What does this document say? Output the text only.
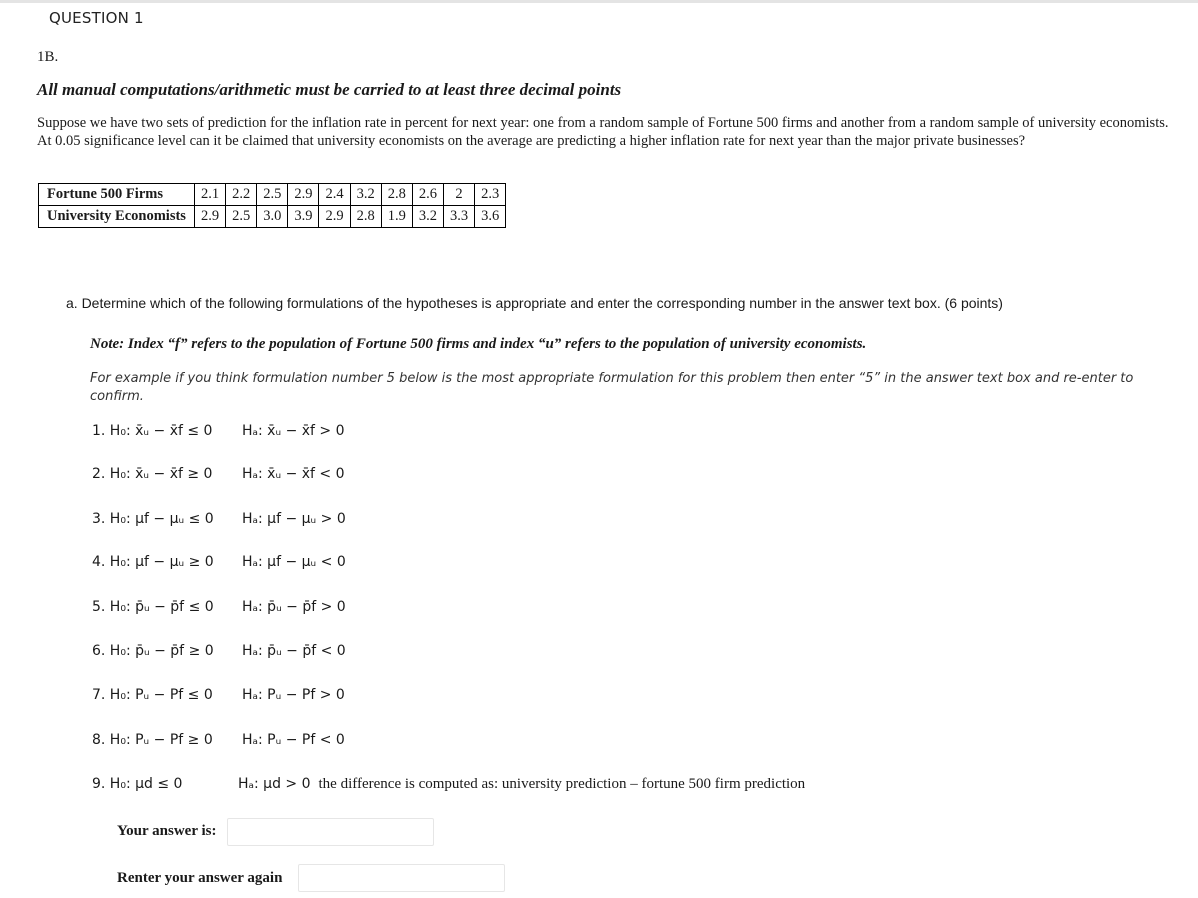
QUESTION 1
1B.
All manual computations/arithmetic must be carried to at least three decimal points
Suppose we have two sets of prediction for the inflation rate in percent for next year: one from a random sample of Fortune 500 firms and another from a random sample of university economists. At 0.05 significance level can it be claimed that university economists on the average are predicting a higher inflation rate for next year than the major private businesses?
Fortune 500 Firms	2.1	2.2	2.5	2.9	2.4	3.2	2.8	2.6	2	2.3
University Economists	2.9	2.5	3.0	3.9	2.9	2.8	1.9	3.2	3.3	3.6
a. Determine which of the following formulations of the hypotheses is appropriate and enter the corresponding number in the answer text box. (6 points)
Note: Index “f” refers to the population of Fortune 500 firms and index “u” refers to the population of university economists.
For example if you think formulation number 5 below is the most appropriate formulation for this problem then enter “5” in the answer text box and re-enter to confirm.
1. H₀: x̄ᵤ − x̄f ≤ 0 Hₐ: x̄ᵤ − x̄f > 0
2. H₀: x̄ᵤ − x̄f ≥ 0 Hₐ: x̄ᵤ − x̄f < 0
3. H₀: μf − μᵤ ≤ 0 Hₐ: μf − μᵤ > 0
4. H₀: μf − μᵤ ≥ 0 Hₐ: μf − μᵤ < 0
5. H₀: p̄ᵤ − p̄f ≤ 0 Hₐ: p̄ᵤ − p̄f > 0
6. H₀: p̄ᵤ − p̄f ≥ 0 Hₐ: p̄ᵤ − p̄f < 0
7. H₀: Pᵤ − Pf ≤ 0 Hₐ: Pᵤ − Pf > 0
8. H₀: Pᵤ − Pf ≥ 0 Hₐ: Pᵤ − Pf < 0
9. H₀: μd ≤ 0	Hₐ: μd > 0 the difference is computed as: university prediction – fortune 500 firm prediction
Your answer is:
Renter your answer again
